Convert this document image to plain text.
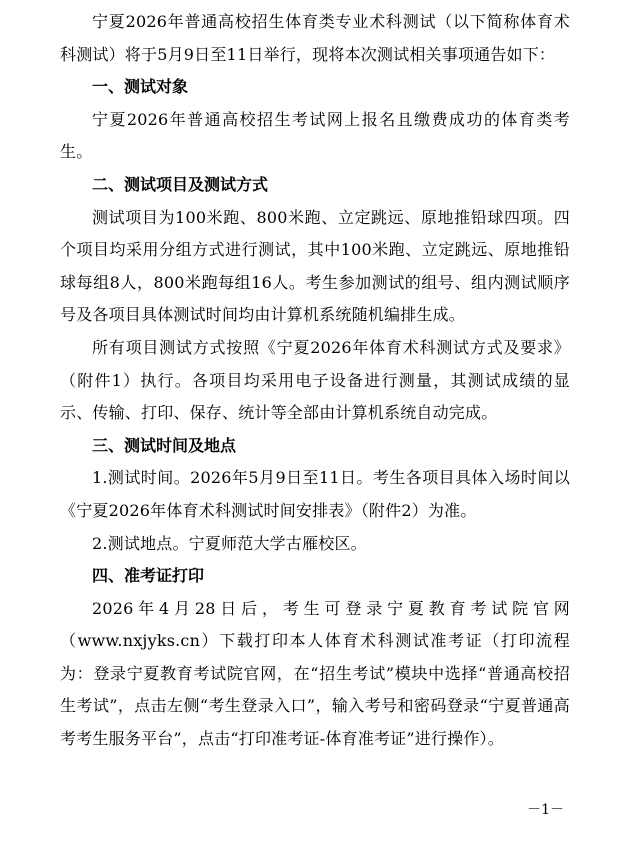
宁夏2026年普通高校招生体育类专业术科测试（以下简称体育术科测试）将于5月9日至11日举行，现将本次测试相关事项通告如下：

一、测试对象

宁夏2026年普通高校招生考试网上报名且缴费成功的体育类考生。

二、测试项目及测试方式

测试项目为100米跑、800米跑、立定跳远、原地推铅球四项。四个项目均采用分组方式进行测试，其中100米跑、立定跳远、原地推铅球每组8人，800米跑每组16人。考生参加测试的组号、组内测试顺序号及各项目具体测试时间均由计算机系统随机编排生成。

所有项目测试方式按照《宁夏2026年体育术科测试方式及要求》（附件1）执行。各项目均采用电子设备进行测量，其测试成绩的显示、传输、打印、保存、统计等全部由计算机系统自动完成。

三、测试时间及地点

1.测试时间。2026年5月9日至11日。考生各项目具体入场时间以《宁夏2026年体育术科测试时间安排表》（附件2）为准。

2.测试地点。宁夏师范大学古雁校区。

四、准考证打印

2026年4月28日后，考生可登录宁夏教育考试院官网（www.nxjyks.cn）下载打印本人体育术科测试准考证（打印流程为：登录宁夏教育考试院官网，在“招生考试”模块中选择“普通高校招生考试”，点击左侧“考生登录入口”，输入考号和密码登录“宁夏普通高考考生服务平台”，点击“打印准考证-体育准考证”进行操作）。

－1－
